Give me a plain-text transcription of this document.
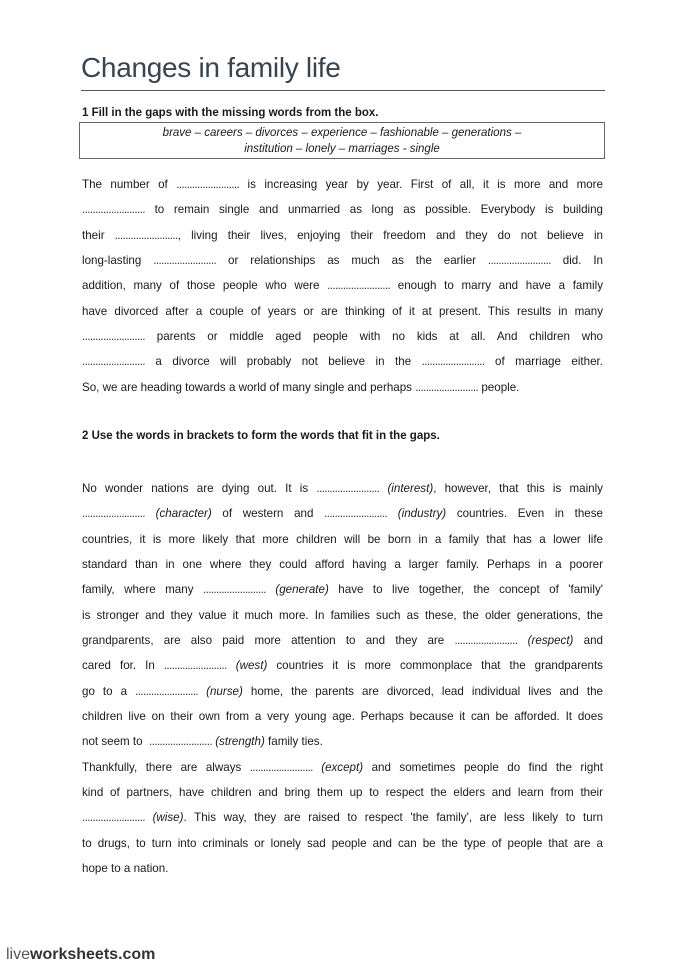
Changes in family life
1 Fill in the gaps with the missing words from the box.
brave – careers – divorces – experience – fashionable – generations –
institution – lonely – marriages - single
The number of ........................ is increasing year by year. First of all, it is more and more
........................ to remain single and unmarried as long as possible. Everybody is building
their ........................, living their lives, enjoying their freedom and they do not believe in
long-lasting ........................ or relationships as much as the earlier ........................ did. In
addition, many of those people who were ........................ enough to marry and have a family
have divorced after a couple of years or are thinking of it at present. This results in many
........................ parents or middle aged people with no kids at all. And children who
........................ a divorce will probably not believe in the ........................ of marriage either.
So, we are heading towards a world of many single and perhaps ........................ people.
2 Use the words in brackets to form the words that fit in the gaps.
No wonder nations are dying out. It is ........................ (interest), however, that this is mainly
........................ (character) of western and ........................ (industry) countries. Even in these
countries, it is more likely that more children will be born in a family that has a lower life
standard than in one where they could afford having a larger family. Perhaps in a poorer
family, where many ........................ (generate) have to live together, the concept of 'family'
is stronger and they value it much more. In families such as these, the older generations, the
grandparents, are also paid more attention to and they are ........................ (respect) and
cared for. In ........................ (west) countries it is more commonplace that the grandparents
go to a ........................ (nurse) home, the parents are divorced, lead individual lives and the
children live on their own from a very young age. Perhaps because it can be afforded. It does
not seem to  ........................ (strength) family ties.
Thankfully, there are always ........................ (except) and sometimes people do find the right
kind of partners, have children and bring them up to respect the elders and learn from their
........................ (wise). This way, they are raised to respect 'the family', are less likely to turn
to drugs, to turn into criminals or lonely sad people and can be the type of people that are a
hope to a nation.
liveworksheets.com
